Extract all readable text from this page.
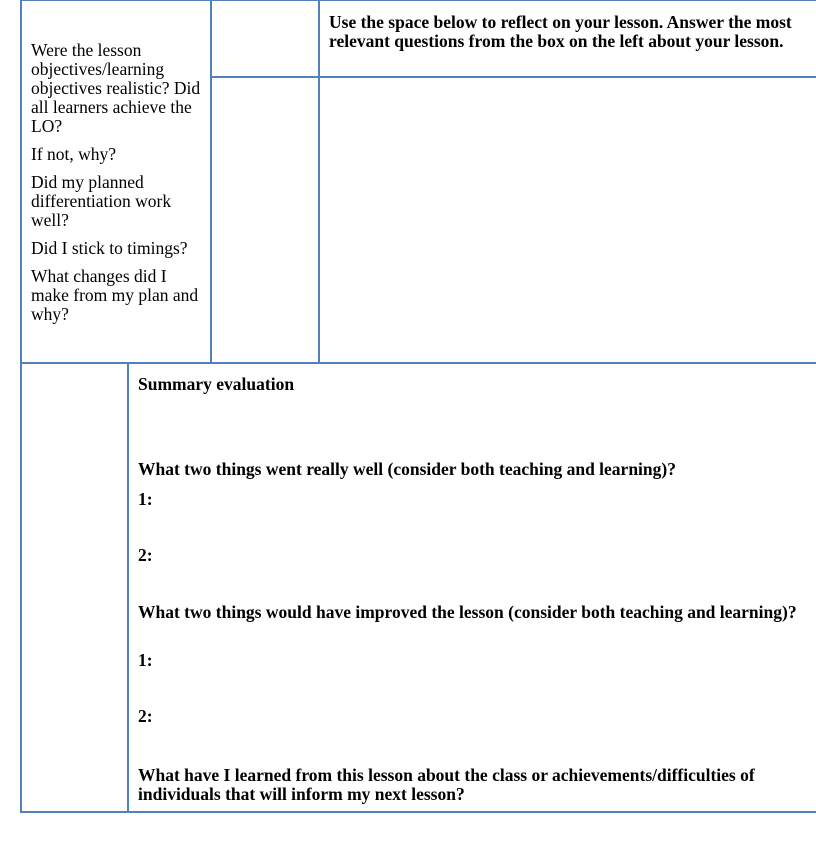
Were the lesson objectives/learning objectives realistic? Did all learners achieve the LO?

If not, why?

Did my planned differentiation work well?

Did I stick to timings?

What changes did I make from my plan and why?

Use the space below to reflect on your lesson. Answer the most relevant questions from the box on the left about your lesson.

Summary evaluation

What two things went really well (consider both teaching and learning)?

1:

2:

What two things would have improved the lesson (consider both teaching and learning)?

1:

2:

What have I learned from this lesson about the class or achievements/difficulties of individuals that will inform my next lesson?
